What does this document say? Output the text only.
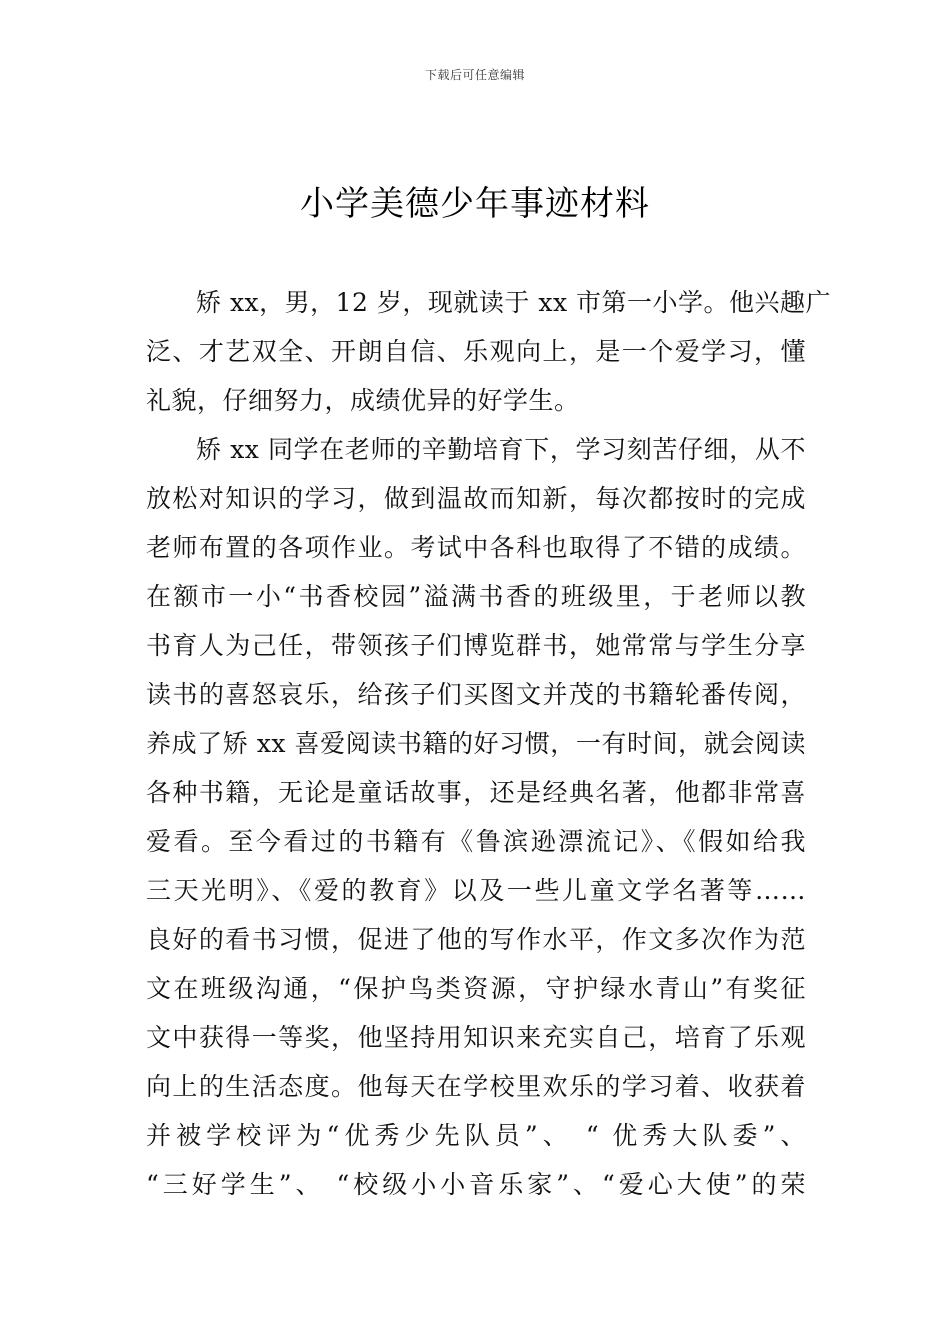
下载后可任意编辑
小学美德少年事迹材料
矫 xx，男，12 岁，现就读于 xx 市第一小学。他兴趣广
泛、才艺双全、开朗自信、乐观向上，是一个爱学习，懂
礼貌，仔细努力，成绩优异的好学生。
矫 xx 同学在老师的辛勤培育下，学习刻苦仔细，从不
放松对知识的学习，做到温故而知新，每次都按时的完成
老师布置的各项作业。考试中各科也取得了不错的成绩。
在额市一小“书香校园”溢满书香的班级里，于老师以教
书育人为己任，带领孩子们博览群书，她常常与学生分享
读书的喜怒哀乐，给孩子们买图文并茂的书籍轮番传阅，
养成了矫 xx 喜爱阅读书籍的好习惯，一有时间，就会阅读
各种书籍，无论是童话故事，还是经典名著，他都非常喜
爱看。至今看过的书籍有《鲁滨逊漂流记》、《假如给我
三天光明》、《爱的教育》以及一些儿童文学名著等……
良好的看书习惯，促进了他的写作水平，作文多次作为范
文在班级沟通，“保护鸟类资源，守护绿水青山”有奖征
文中获得一等奖，他坚持用知识来充实自己，培育了乐观
向上的生活态度。他每天在学校里欢乐的学习着、收获着
并被学校评为“优秀少先队员”、 “ 优秀大队委”、
“三好学生”、 “校级小小音乐家”、“爱心大使”的荣
